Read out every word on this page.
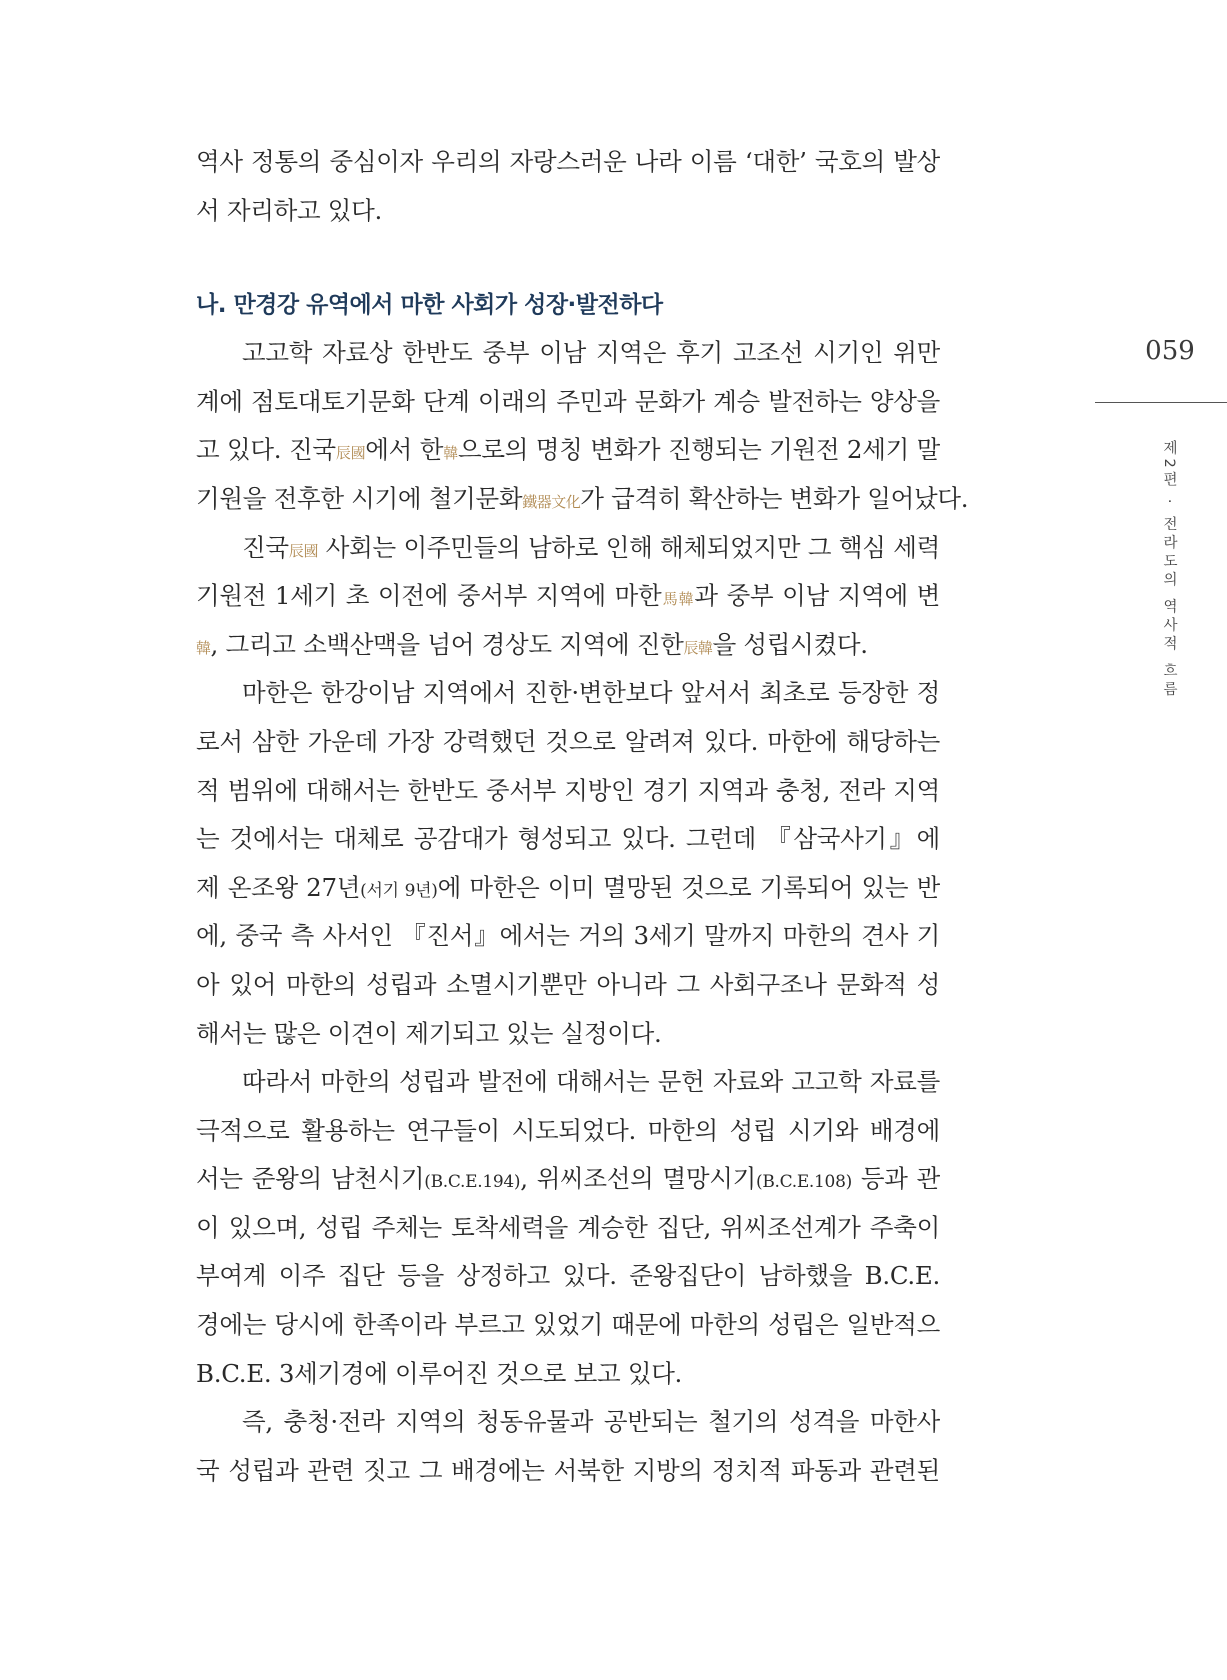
역사 정통의 중심이자 우리의 자랑스러운 나라 이름 ‘대한’ 국호의 발상
서 자리하고 있다.
나. 만경강 유역에서 마한 사회가 성장·발전하다
고고학 자료상 한반도 중부 이남 지역은 후기 고조선 시기인 위만
계에 점토대토기문화 단계 이래의 주민과 문화가 계승 발전하는 양상을
고 있다. 진국辰國에서 한韓으로의 명칭 변화가 진행되는 기원전 2세기 말
기원을 전후한 시기에 철기문화鐵器文化가 급격히 확산하는 변화가 일어났다.
진국辰國 사회는 이주민들의 남하로 인해 해체되었지만 그 핵심 세력
기원전 1세기 초 이전에 중서부 지역에 마한馬韓과 중부 이남 지역에 변
韓, 그리고 소백산맥을 넘어 경상도 지역에 진한辰韓을 성립시켰다.
마한은 한강이남 지역에서 진한·변한보다 앞서서 최초로 등장한 정
로서 삼한 가운데 가장 강력했던 것으로 알려져 있다. 마한에 해당하는
적 범위에 대해서는 한반도 중서부 지방인 경기 지역과 충청, 전라 지역
는 것에서는 대체로 공감대가 형성되고 있다. 그런데 『삼국사기』에
제 온조왕 27년(서기 9년)에 마한은 이미 멸망된 것으로 기록되어 있는 반
에, 중국 측 사서인 『진서』에서는 거의 3세기 말까지 마한의 견사 기
아 있어 마한의 성립과 소멸시기뿐만 아니라 그 사회구조나 문화적 성
해서는 많은 이견이 제기되고 있는 실정이다.
따라서 마한의 성립과 발전에 대해서는 문헌 자료와 고고학 자료를
극적으로 활용하는 연구들이 시도되었다. 마한의 성립 시기와 배경에
서는 준왕의 남천시기(B.C.E.194), 위씨조선의 멸망시기(B.C.E.108) 등과 관
이 있으며, 성립 주체는 토착세력을 계승한 집단, 위씨조선계가 주축이
부여계 이주 집단 등을 상정하고 있다. 준왕집단이 남하했을 B.C.E.
경에는 당시에 한족이라 부르고 있었기 때문에 마한의 성립은 일반적으
B.C.E. 3세기경에 이루어진 것으로 보고 있다.
즉, 충청·전라 지역의 청동유물과 공반되는 철기의 성격을 마한사
국 성립과 관련 짓고 그 배경에는 서북한 지방의 정치적 파동과 관련된
059
제2편 · 전라도의 역사적 흐름
